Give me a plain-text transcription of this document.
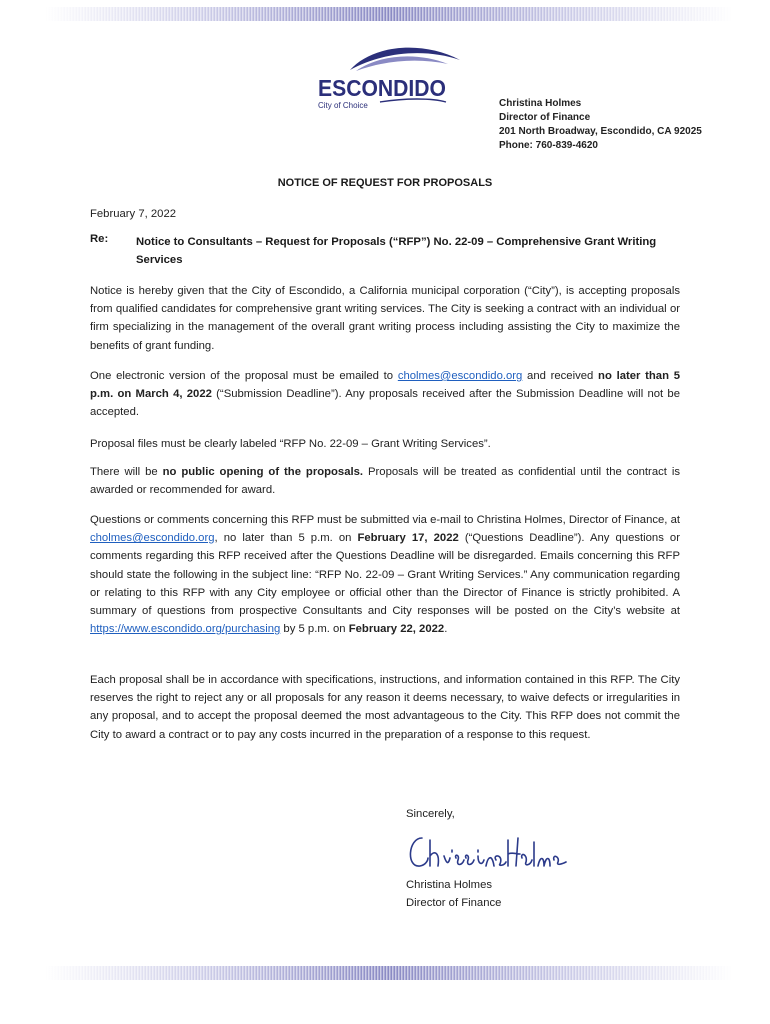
ESCONDIDO
City of Choice	Christina Holmes
Director of Finance
201 North Broadway, Escondido, CA 92025
Phone: 760-839-4620
NOTICE OF REQUEST FOR PROPOSALS
February 7, 2022
Re: Notice to Consultants – Request for Proposals (“RFP”) No. 22-09 – Comprehensive Grant Writing Services
Notice is hereby given that the City of Escondido, a California municipal corporation (“City”), is accepting proposals from qualified candidates for comprehensive grant writing services. The City is seeking a contract with an individual or firm specializing in the management of the overall grant writing process including assisting the City to maximize the benefits of grant funding.
One electronic version of the proposal must be emailed to cholmes@escondido.org and received no later than 5 p.m. on March 4, 2022 (“Submission Deadline”). Any proposals received after the Submission Deadline will not be accepted.
Proposal files must be clearly labeled “RFP No. 22-09 – Grant Writing Services”.
There will be no public opening of the proposals. Proposals will be treated as confidential until the contract is awarded or recommended for award.
Questions or comments concerning this RFP must be submitted via e-mail to Christina Holmes, Director of Finance, at cholmes@escondido.org, no later than 5 p.m. on February 17, 2022 (“Questions Deadline”). Any questions or comments regarding this RFP received after the Questions Deadline will be disregarded. Emails concerning this RFP should state the following in the subject line: “RFP No. 22-09 – Grant Writing Services.” Any communication regarding or relating to this RFP with any City employee or official other than the Director of Finance is strictly prohibited. A summary of questions from prospective Consultants and City responses will be posted on the City’s website at https://www.escondido.org/purchasing by 5 p.m. on February 22, 2022.
Each proposal shall be in accordance with specifications, instructions, and information contained in this RFP. The City reserves the right to reject any or all proposals for any reason it deems necessary, to waive defects or irregularities in any proposal, and to accept the proposal deemed the most advantageous to the City. This RFP does not commit the City to award a contract or to pay any costs incurred in the preparation of a response to this request.
Sincerely,
Christina Holmes
Director of Finance
